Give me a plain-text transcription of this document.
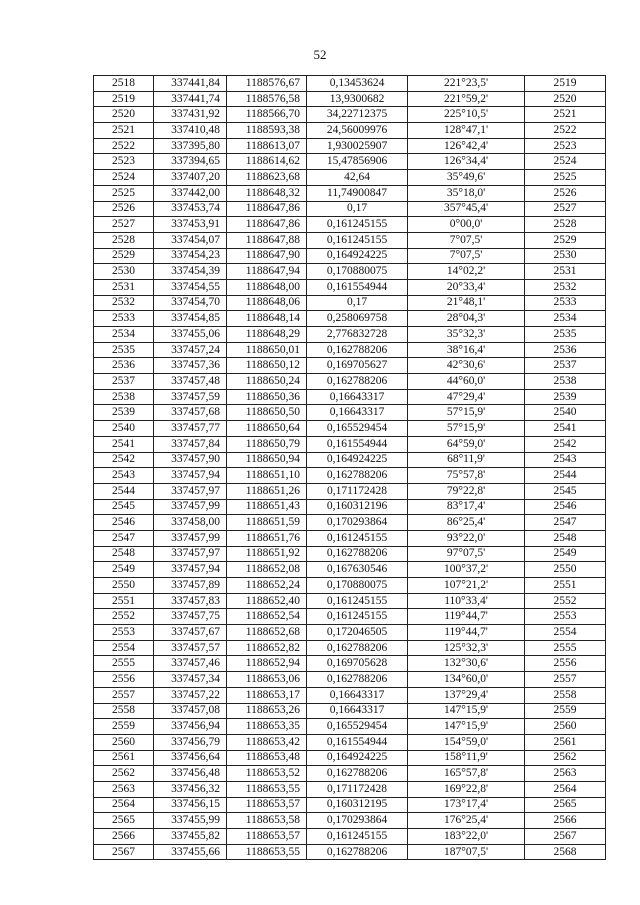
52
2518	337441,84	1188576,67	0,13453624	221°23,5'	2519
2519	337441,74	1188576,58	13,9300682	221°59,2'	2520
2520	337431,92	1188566,70	34,22712375	225°10,5'	2521
2521	337410,48	1188593,38	24,56009976	128°47,1'	2522
2522	337395,80	1188613,07	1,930025907	126°42,4'	2523
2523	337394,65	1188614,62	15,47856906	126°34,4'	2524
2524	337407,20	1188623,68	42,64	35°49,6'	2525
2525	337442,00	1188648,32	11,74900847	35°18,0'	2526
2526	337453,74	1188647,86	0,17	357°45,4'	2527
2527	337453,91	1188647,86	0,161245155	0°00,0'	2528
2528	337454,07	1188647,88	0,161245155	7°07,5'	2529
2529	337454,23	1188647,90	0,164924225	7°07,5'	2530
2530	337454,39	1188647,94	0,170880075	14°02,2'	2531
2531	337454,55	1188648,00	0,161554944	20°33,4'	2532
2532	337454,70	1188648,06	0,17	21°48,1'	2533
2533	337454,85	1188648,14	0,258069758	28°04,3'	2534
2534	337455,06	1188648,29	2,776832728	35°32,3'	2535
2535	337457,24	1188650,01	0,162788206	38°16,4'	2536
2536	337457,36	1188650,12	0,169705627	42°30,6'	2537
2537	337457,48	1188650,24	0,162788206	44°60,0'	2538
2538	337457,59	1188650,36	0,16643317	47°29,4'	2539
2539	337457,68	1188650,50	0,16643317	57°15,9'	2540
2540	337457,77	1188650,64	0,165529454	57°15,9'	2541
2541	337457,84	1188650,79	0,161554944	64°59,0'	2542
2542	337457,90	1188650,94	0,164924225	68°11,9'	2543
2543	337457,94	1188651,10	0,162788206	75°57,8'	2544
2544	337457,97	1188651,26	0,171172428	79°22,8'	2545
2545	337457,99	1188651,43	0,160312196	83°17,4'	2546
2546	337458,00	1188651,59	0,170293864	86°25,4'	2547
2547	337457,99	1188651,76	0,161245155	93°22,0'	2548
2548	337457,97	1188651,92	0,162788206	97°07,5'	2549
2549	337457,94	1188652,08	0,167630546	100°37,2'	2550
2550	337457,89	1188652,24	0,170880075	107°21,2'	2551
2551	337457,83	1188652,40	0,161245155	110°33,4'	2552
2552	337457,75	1188652,54	0,161245155	119°44,7'	2553
2553	337457,67	1188652,68	0,172046505	119°44,7'	2554
2554	337457,57	1188652,82	0,162788206	125°32,3'	2555
2555	337457,46	1188652,94	0,169705628	132°30,6'	2556
2556	337457,34	1188653,06	0,162788206	134°60,0'	2557
2557	337457,22	1188653,17	0,16643317	137°29,4'	2558
2558	337457,08	1188653,26	0,16643317	147°15,9'	2559
2559	337456,94	1188653,35	0,165529454	147°15,9'	2560
2560	337456,79	1188653,42	0,161554944	154°59,0'	2561
2561	337456,64	1188653,48	0,164924225	158°11,9'	2562
2562	337456,48	1188653,52	0,162788206	165°57,8'	2563
2563	337456,32	1188653,55	0,171172428	169°22,8'	2564
2564	337456,15	1188653,57	0,160312195	173°17,4'	2565
2565	337455,99	1188653,58	0,170293864	176°25,4'	2566
2566	337455,82	1188653,57	0,161245155	183°22,0'	2567
2567	337455,66	1188653,55	0,162788206	187°07,5'	2568
